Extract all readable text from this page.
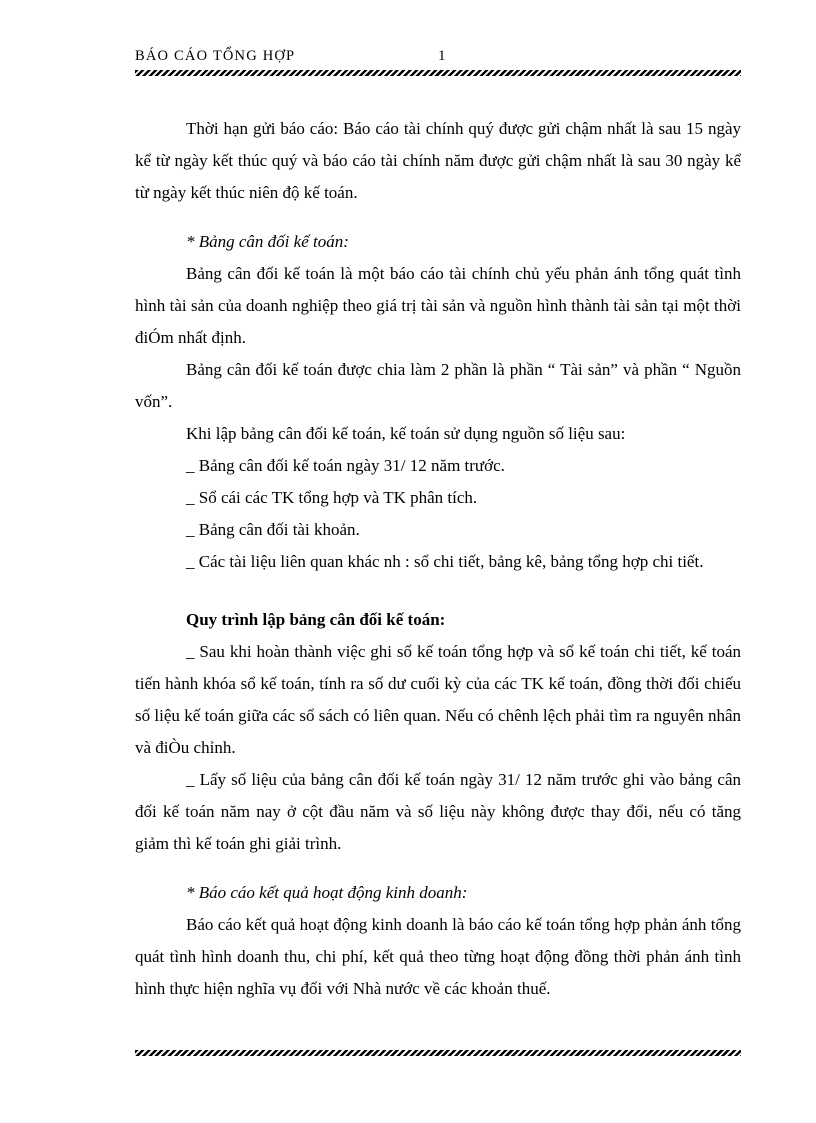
BÁO CÁO TỔNG HỢP	1

Thời hạn gửi báo cáo: Báo cáo tài chính quý được gửi chậm nhất là sau 15 ngày kể từ ngày kết thúc quý và báo cáo tài chính năm được gửi chậm nhất là sau 30 ngày kể từ ngày kết thúc niên độ kế toán.

* Bảng cân đối kế toán:

Bảng cân đối kế toán là một báo cáo tài chính chủ yếu phản ánh tổng quát tình hình tài sản của doanh nghiệp theo giá trị tài sản và nguồn hình thành tài sản tại một thời điÓm nhất định.

Bảng cân đối kế toán được chia làm 2 phần là phần “ Tài sản” và phần “ Nguồn vốn”.

Khi lập bảng cân đối kế toán, kế toán sử dụng nguồn số liệu sau:

_ Bảng cân đối kế toán ngày 31/ 12 năm trước.

_ Sổ cái các TK tổng hợp và TK phân tích.

_ Bảng cân đối tài khoản.

_ Các tài liệu liên quan khác nh : sổ chi tiết, bảng kê, bảng tổng hợp chi tiết.

Quy trình lập bảng cân đối kế toán:

_ Sau khi hoàn thành việc ghi sổ kế toán tổng hợp và sổ kế toán chi tiết, kế toán tiến hành khóa sổ kế toán, tính ra số dư cuối kỳ của các TK kế toán, đồng thời đối chiếu số liệu kế toán giữa các sổ sách có liên quan. Nếu có chênh lệch phải tìm ra nguyên nhân và điÒu chỉnh.

_ Lấy số liệu của bảng cân đối kế toán ngày 31/ 12 năm trước ghi vào bảng cân đối kế toán năm nay ở cột đầu năm và số liệu này không được thay đổi, nếu có tăng giảm thì kế toán ghi giải trình.

* Báo cáo kết quả hoạt động kinh doanh:

Báo cáo kết quả hoạt động kinh doanh là báo cáo kế toán tổng hợp phản ánh tổng quát tình hình doanh thu, chi phí, kết quả theo từng hoạt động đồng thời phản ánh tình hình thực hiện nghĩa vụ đối với Nhà nước về các khoản thuế.
